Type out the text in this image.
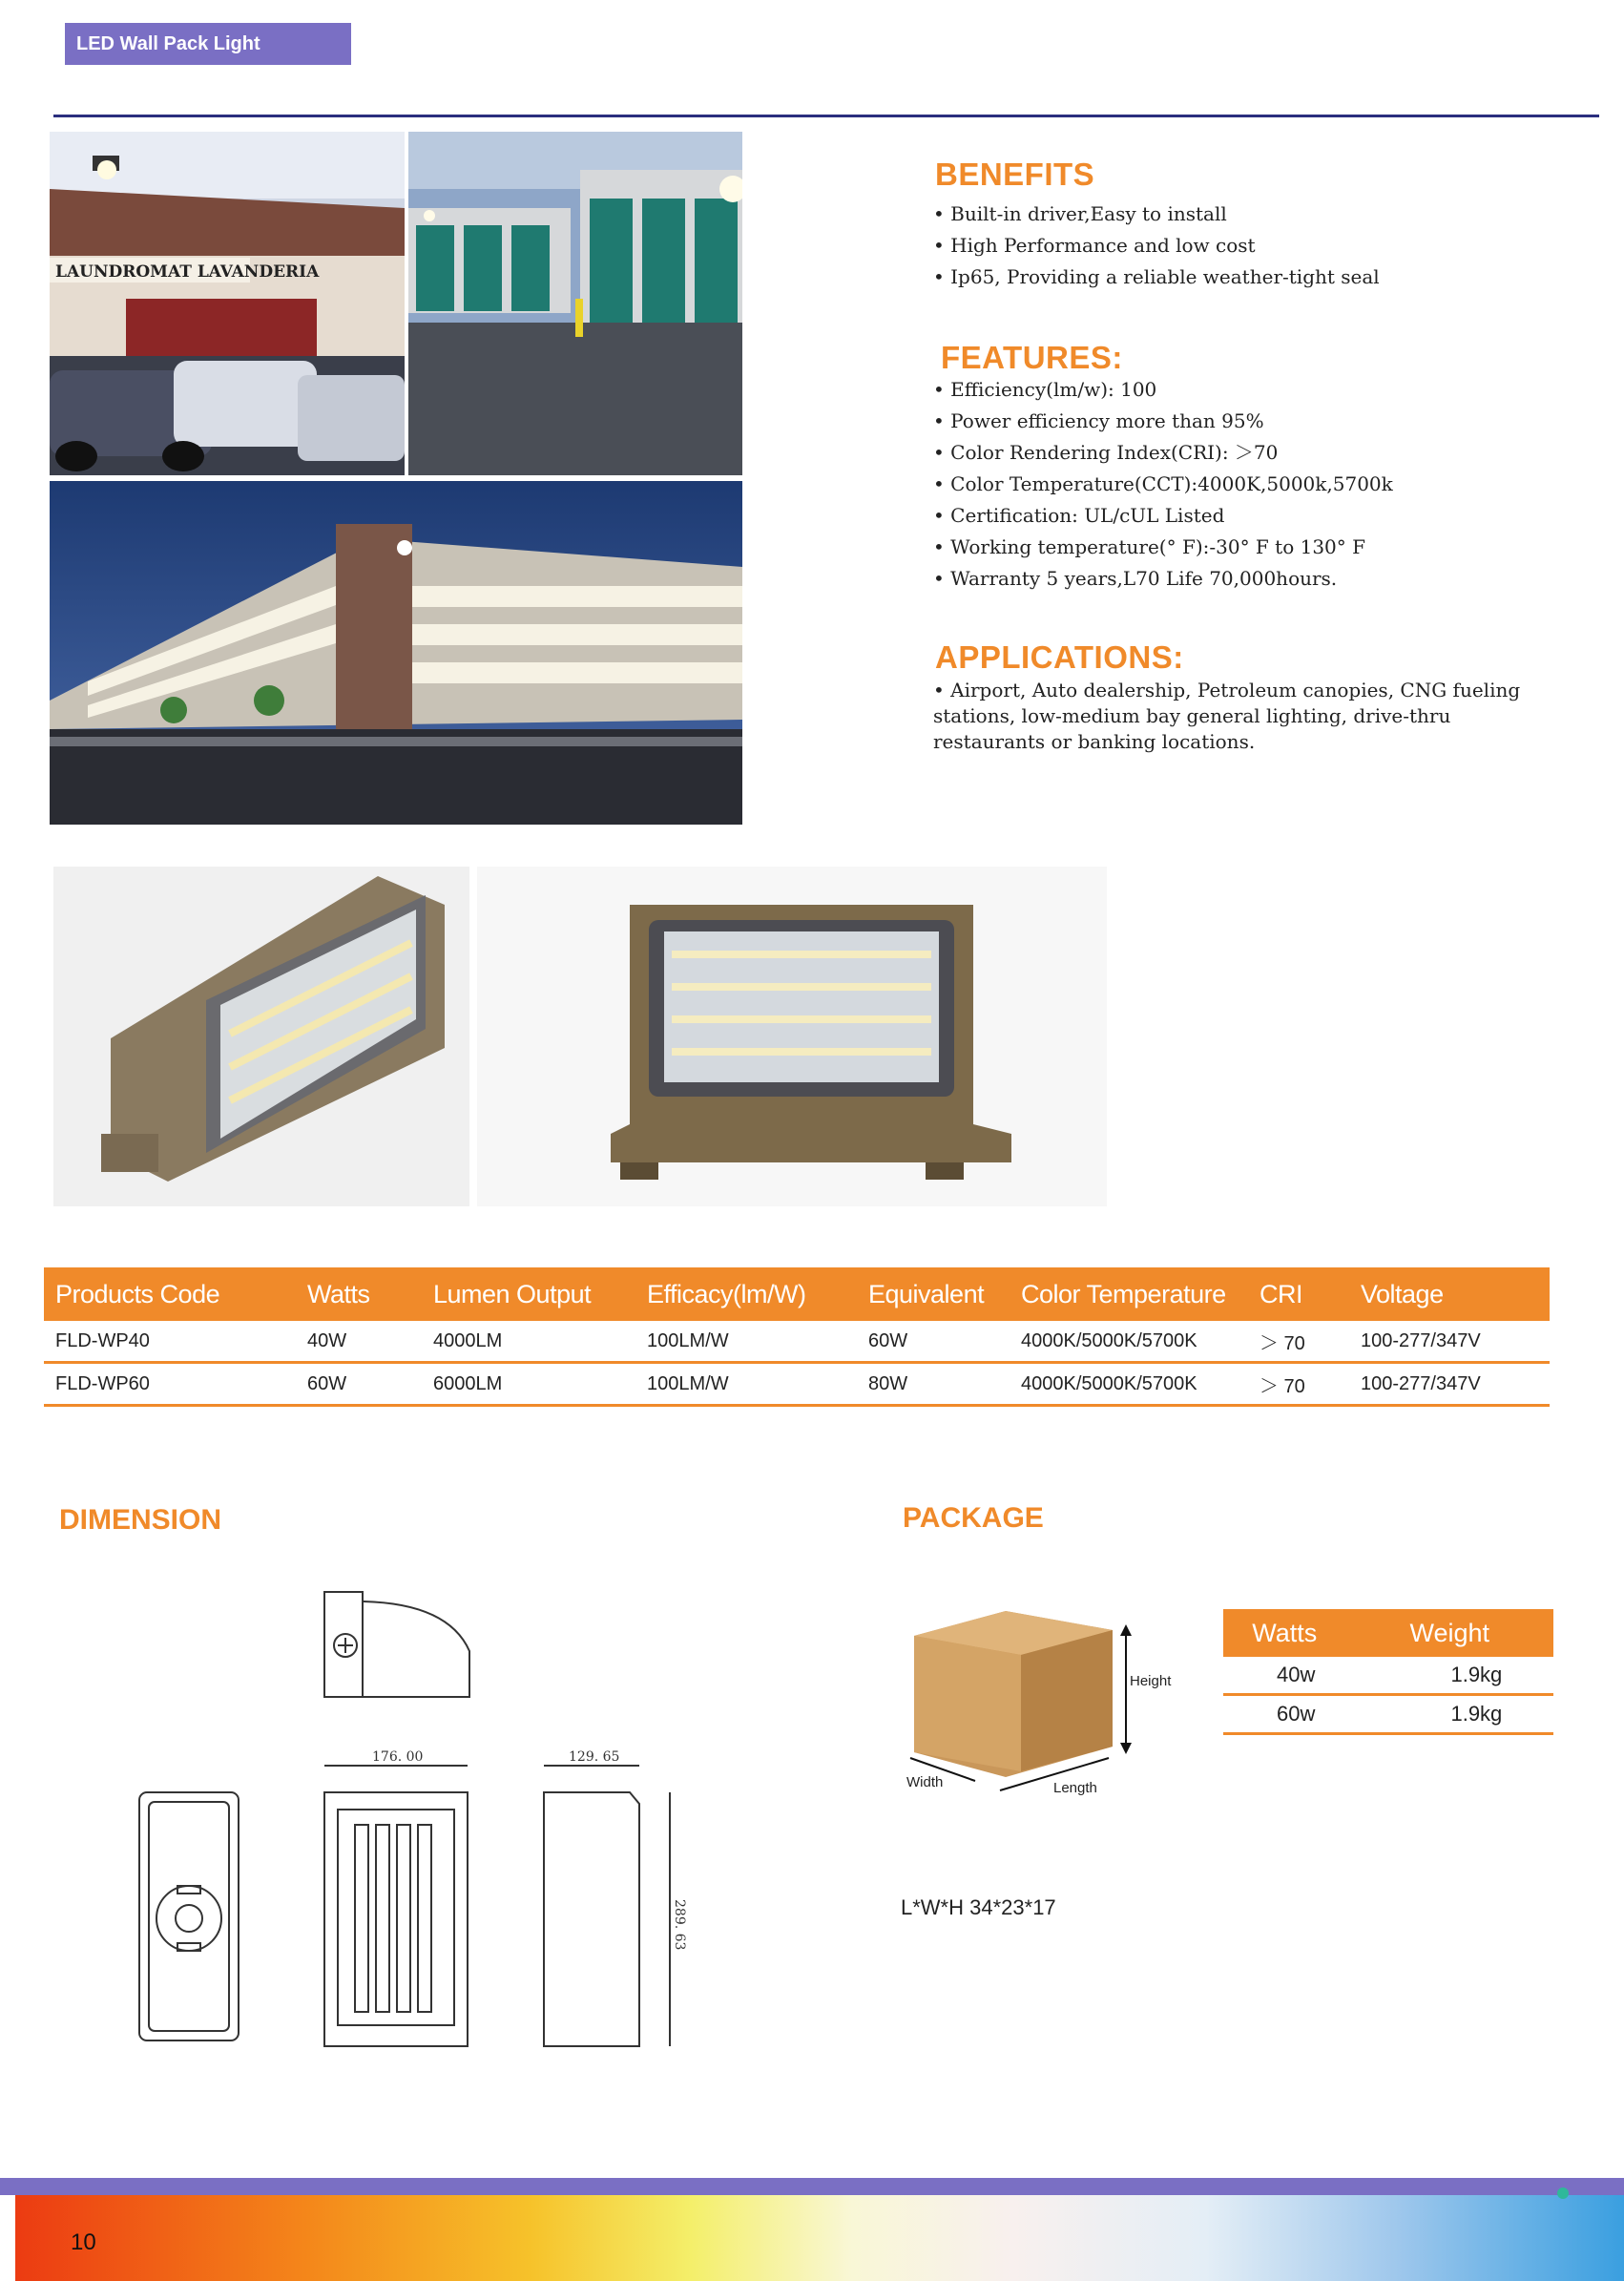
LED Wall Pack Light
LAUNDROMAT LAVANDERIA
BENEFITS
• Built-in driver,Easy to install
• High Performance and low cost
• Ip65, Providing a reliable weather-tight seal
FEATURES:
• Efficiency(lm/w): 100
• Power efficiency more than 95%
• Color Rendering Index(CRI): ＞70
• Color Temperature(CCT):4000K,5000k,5700k
• Certification: UL/cUL Listed
• Working temperature(° F):-30° F to 130° F
• Warranty 5 years,L70 Life 70,000hours.
APPLICATIONS:
• Airport, Auto dealership, Petroleum canopies, CNG fueling stations, low-medium bay general lighting, drive-thru restaurants or banking locations.
Products Code	Watts	Lumen Output	Efficacy(lm/W)	Equivalent	Color Temperature	CRI	Voltage
FLD-WP40	40W	4000LM	100LM/W	60W	4000K/5000K/5700K	＞ 70	100-277/347V
FLD-WP60	60W	6000LM	100LM/W	80W	4000K/5000K/5700K	＞ 70	100-277/347V
DIMENSION
176. 00	129. 65
289. 63
PACKAGE
Height
Width	Length
Watts	Weight
40w	1.9kg
60w	1.9kg
L*W*H 34*23*17
10
